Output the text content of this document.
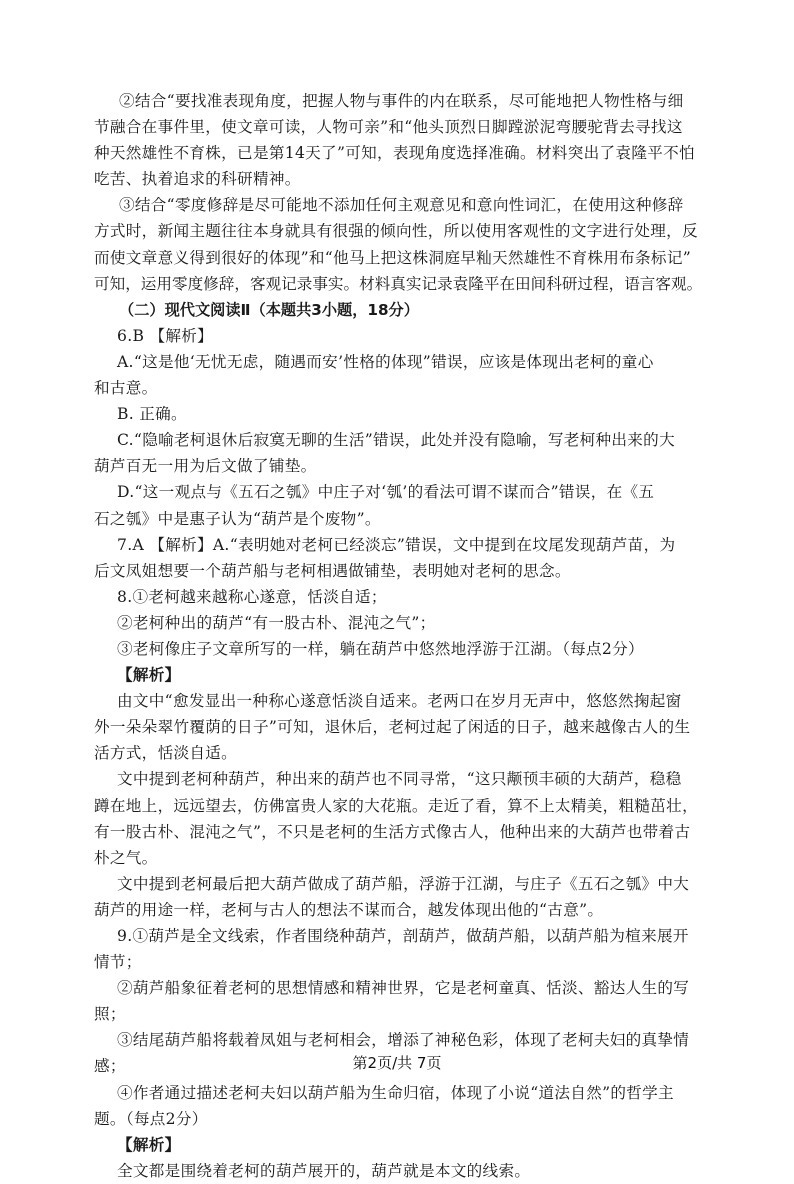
②结合“要找准表现角度，把握人物与事件的内在联系，尽可能地把人物性格与细

节融合在事件里，使文章可读，人物可亲”和“他头顶烈日脚蹚淤泥弯腰驼背去寻找这

种天然雄性不育株，已是第14天了”可知，表现角度选择准确。材料突出了袁隆平不怕

吃苦、执着追求的科研精神。

③结合“零度修辞是尽可能地不添加任何主观意见和意向性词汇，在使用这种修辞

方式时，新闻主题往往本身就具有很强的倾向性，所以使用客观性的文字进行处理，反

而使文章意义得到很好的体现”和“他马上把这株洞庭早籼天然雄性不育株用布条标记”

可知，运用零度修辞，客观记录事实。材料真实记录袁隆平在田间科研过程，语言客观。

（二）现代文阅读Ⅱ（本题共3小题，18分）

6.B 【解析】

A.“这是他‘无忧无虑，随遇而安’性格的体现”错误，应该是体现出老柯的童心

和古意。

B. 正确。

C.“隐喻老柯退休后寂寞无聊的生活”错误，此处并没有隐喻，写老柯种出来的大

葫芦百无一用为后文做了铺垫。

D.“这一观点与《五石之瓠》中庄子对‘瓠’的看法可谓不谋而合”错误，在《五

石之瓠》中是惠子认为“葫芦是个废物”。

7.A 【解析】A.“表明她对老柯已经淡忘”错误，文中提到在坟尾发现葫芦苗，为

后文凤姐想要一个葫芦船与老柯相遇做铺垫，表明她对老柯的思念。

8.①老柯越来越称心遂意，恬淡自适；

②老柯种出的葫芦“有一股古朴、混沌之气”；

③老柯像庄子文章所写的一样，躺在葫芦中悠然地浮游于江湖。（每点2分）

【解析】

由文中“愈发显出一种称心遂意恬淡自适来。老两口在岁月无声中，悠悠然掬起窗

外一朵朵翠竹覆荫的日子”可知，退休后，老柯过起了闲适的日子，越来越像古人的生

活方式，恬淡自适。

文中提到老柯种葫芦，种出来的葫芦也不同寻常，“这只颟顸丰硕的大葫芦，稳稳

蹲在地上，远远望去，仿佛富贵人家的大花瓶。走近了看，算不上太精美，粗糙茁壮，

有一股古朴、混沌之气”，不只是老柯的生活方式像古人，他种出来的大葫芦也带着古

朴之气。

文中提到老柯最后把大葫芦做成了葫芦船，浮游于江湖，与庄子《五石之瓠》中大

葫芦的用途一样，老柯与古人的想法不谋而合，越发体现出他的“古意”。

9.①葫芦是全文线索，作者围绕种葫芦，剖葫芦，做葫芦船，以葫芦船为楦来展开

情节；

②葫芦船象征着老柯的思想情感和精神世界，它是老柯童真、恬淡、豁达人生的写

照；

③结尾葫芦船将载着凤姐与老柯相会，增添了神秘色彩，体现了老柯夫妇的真挚情

感；

④作者通过描述老柯夫妇以葫芦船为生命归宿，体现了小说“道法自然”的哲学主

题。（每点2分）

【解析】

全文都是围绕着老柯的葫芦展开的，葫芦就是本文的线索。

第2页/共 7页
